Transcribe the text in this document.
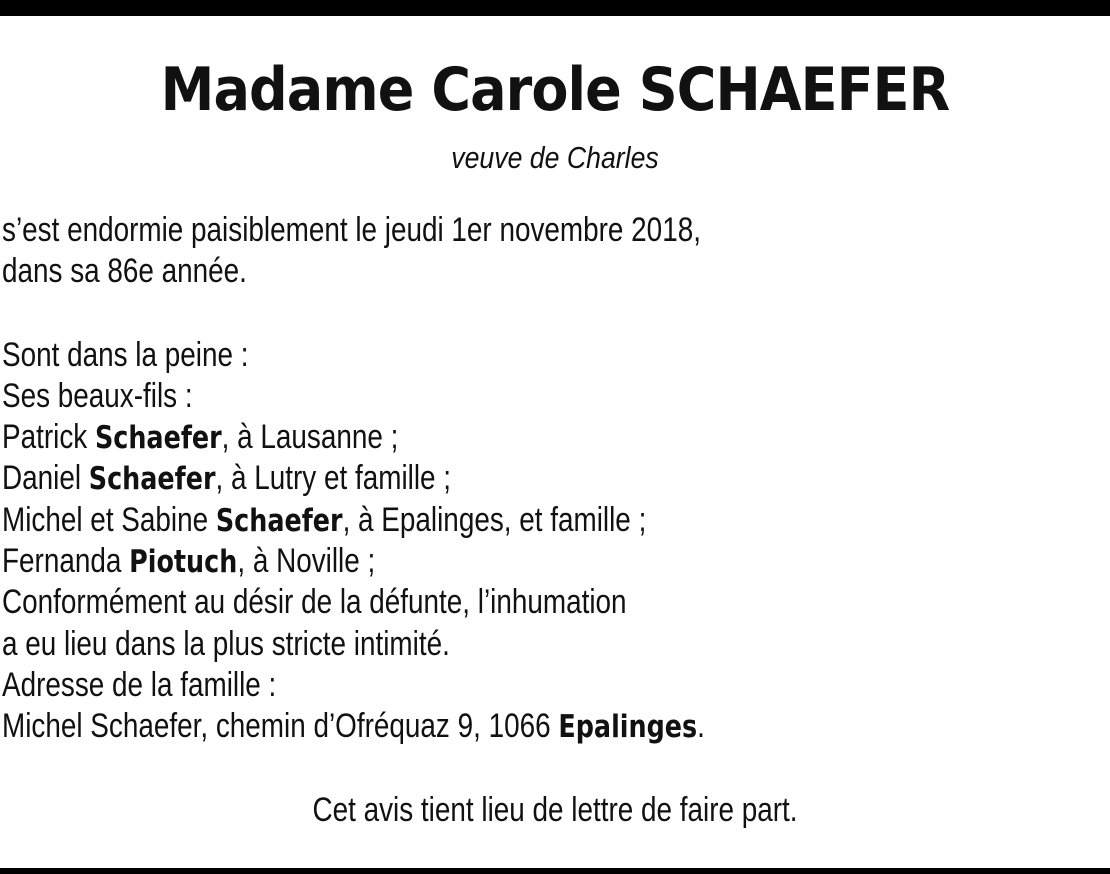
Madame Carole SCHAEFER
veuve de Charles
s’est endormie paisiblement le jeudi 1er novembre 2018,
dans sa 86e année.
Sont dans la peine :
Ses beaux-fils :
Patrick Schaefer, à Lausanne ;
Daniel Schaefer, à Lutry et famille ;
Michel et Sabine Schaefer, à Epalinges, et famille ;
Fernanda Piotuch, à Noville ;
Conformément au désir de la défunte, l’inhumation
a eu lieu dans la plus stricte intimité.
Adresse de la famille :
Michel Schaefer, chemin d’Ofréquaz 9, 1066 Epalinges.
Cet avis tient lieu de lettre de faire part.
